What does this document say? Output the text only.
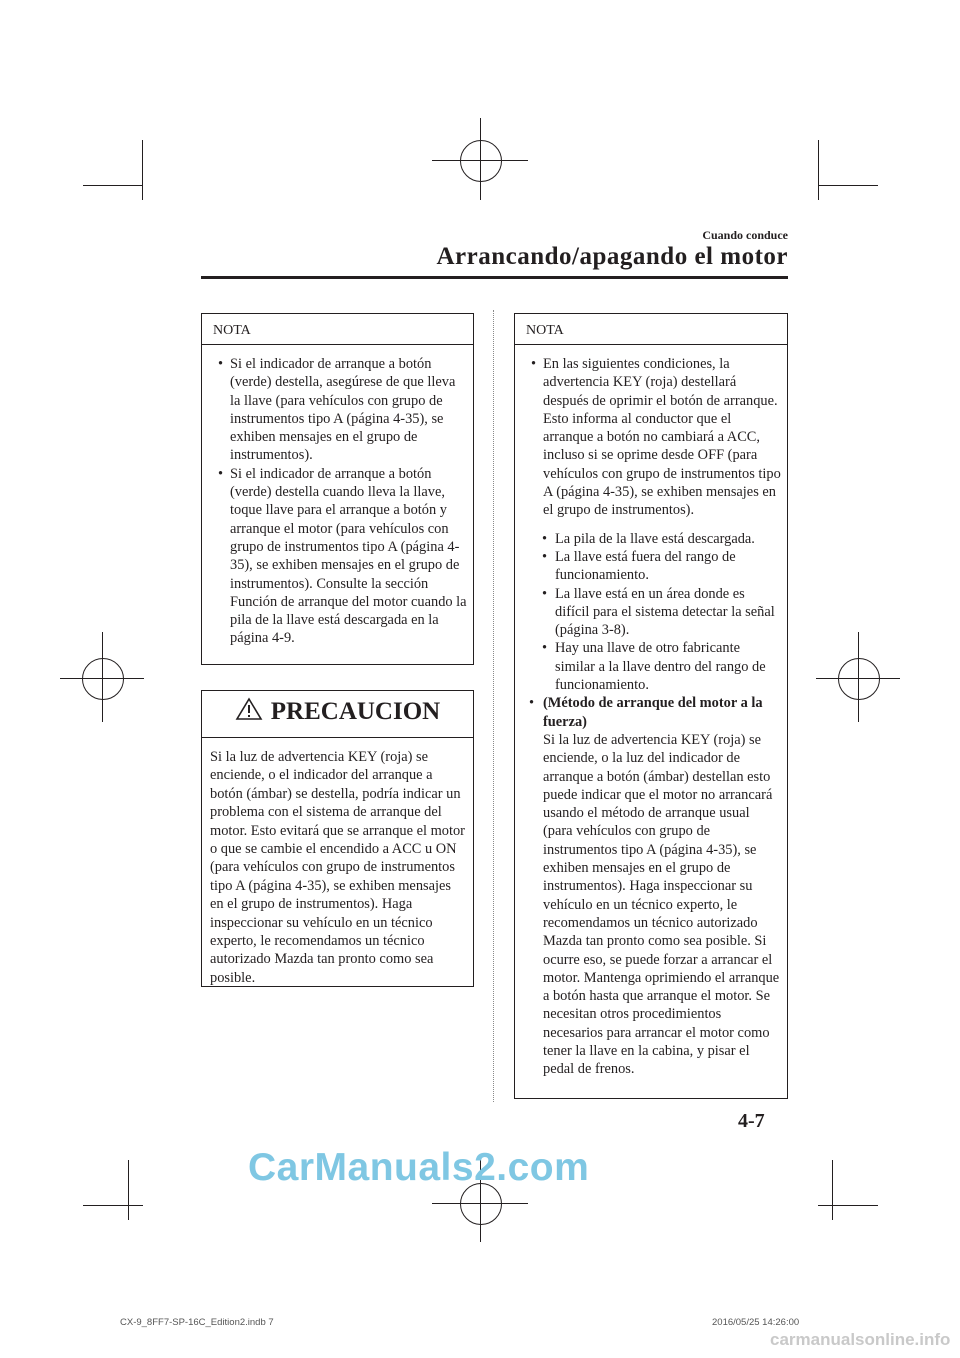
Cuando conduce
Arrancando/apagando el motor
NOTA
• Si el indicador de arranque a botón (verde) destella, asegúrese de que lleva la llave (para vehículos con grupo de instrumentos tipo A (página 4-35), se exhiben mensajes en el grupo de instrumentos).
• Si el indicador de arranque a botón (verde) destella cuando lleva la llave, toque llave para el arranque a botón y arranque el motor (para vehículos con grupo de instrumentos tipo A (página 4-35), se exhiben mensajes en el grupo de instrumentos). Consulte la sección Función de arranque del motor cuando la pila de la llave está descargada en la página 4-9.
PRECAUCION
Si la luz de advertencia KEY (roja) se enciende, o el indicador del arranque a botón (ámbar) se destella, podría indicar un problema con el sistema de arranque del motor. Esto evitará que se arranque el motor o que se cambie el encendido a ACC u ON (para vehículos con grupo de instrumentos tipo A (página 4-35), se exhiben mensajes en el grupo de instrumentos). Haga inspeccionar su vehículo en un técnico experto, le recomendamos un técnico autorizado Mazda tan pronto como sea posible.
NOTA
• En las siguientes condiciones, la advertencia KEY (roja) destellará después de oprimir el botón de arranque. Esto informa al conductor que el arranque a botón no cambiará a ACC, incluso si se oprime desde OFF (para vehículos con grupo de instrumentos tipo A (página 4-35), se exhiben mensajes en el grupo de instrumentos).
• La pila de la llave está descargada.
• La llave está fuera del rango de funcionamiento.
• La llave está en un área donde es difícil para el sistema detectar la señal (página 3-8).
• Hay una llave de otro fabricante similar a la llave dentro del rango de funcionamiento.
• (Método de arranque del motor a la fuerza)
Si la luz de advertencia KEY (roja) se enciende, o la luz del indicador de arranque a botón (ámbar) destellan esto puede indicar que el motor no arrancará usando el método de arranque usual (para vehículos con grupo de instrumentos tipo A (página 4-35), se exhiben mensajes en el grupo de instrumentos). Haga inspeccionar su vehículo en un técnico experto, le recomendamos un técnico autorizado Mazda tan pronto como sea posible. Si ocurre eso, se puede forzar a arrancar el motor. Mantenga oprimiendo el arranque a botón hasta que arranque el motor. Se necesitan otros procedimientos necesarios para arrancar el motor como tener la llave en la cabina, y pisar el pedal de frenos.
4-7
CX-9_8FF7-SP-16C_Edition2.indb 7	2016/05/25 14:26:00
CarManuals2.com
carmanualsonline.info
